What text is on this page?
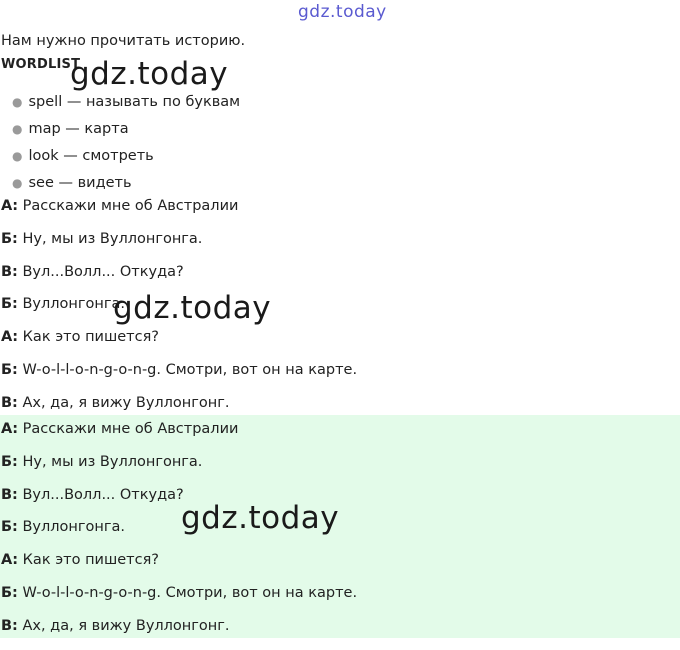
gdz.today
Нам нужно прочитать историю.
WORDLIST
gdz.today
● spell — называть по буквам
● map — карта
● look — смотреть
● see — видеть
А: Расскажи мне об Австралии
Б: Ну, мы из Вуллонгонга.
В: Вул...Волл... Откуда?
Б: Вуллонгонга.
А: Как это пишется?
Б: W-o-l-l-o-n-g-o-n-g. Смотри, вот он на карте.
В: Ах, да, я вижу Вуллонгонг.
gdz.today
А: Расскажи мне об Австралии
Б: Ну, мы из Вуллонгонга.
В: Вул...Волл... Откуда?
Б: Вуллонгонга.
А: Как это пишется?
Б: W-o-l-l-o-n-g-o-n-g. Смотри, вот он на карте.
В: Ах, да, я вижу Вуллонгонг.
gdz.today
